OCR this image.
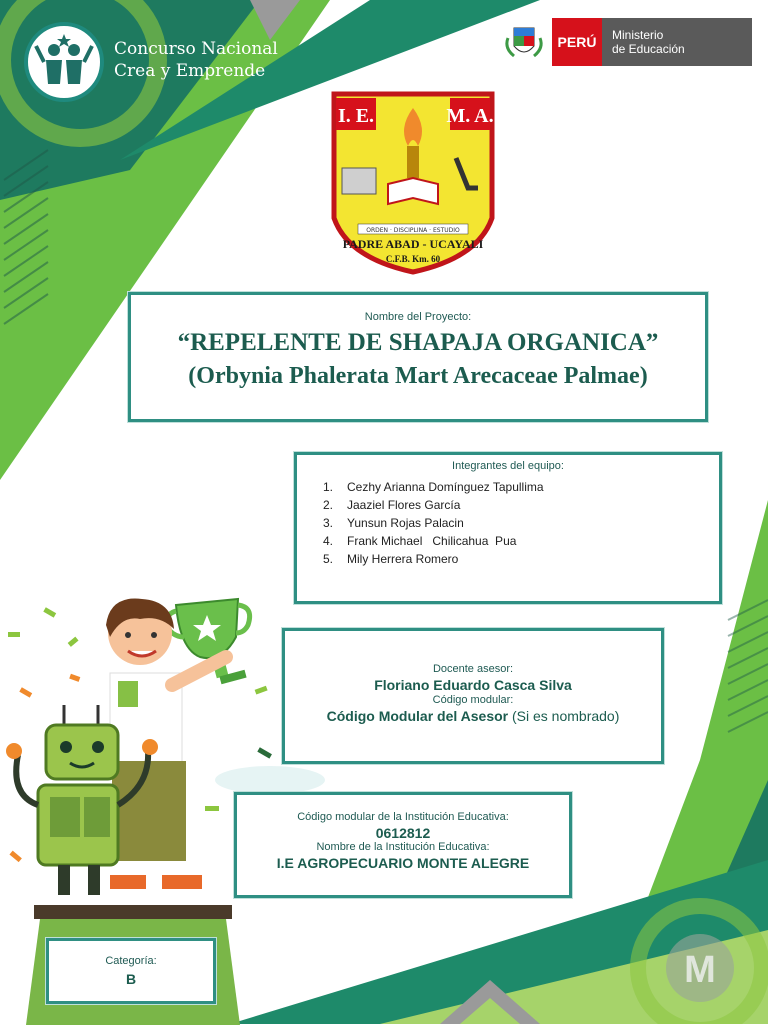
M
Concurso Nacional
Crea y Emprende
PERÚ	Ministerio
de Educación
I. E.	M. A.
ORDEN · DISCIPLINA · ESTUDIO
PADRE ABAD - UCAYALI
C.F.B. Km. 60
Nombre del Proyecto:
“REPELENTE DE SHAPAJA ORGANICA”
(Orbynia Phalerata Mart Arecaceae Palmae)
Integrantes del equipo:
1. Cezhy Arianna Domínguez Tapullima
2. Jaaziel Flores García
3. Yunsun Rojas Palacin
4. Frank Michael   Chilicahua  Pua
5. Mily Herrera Romero
Docente asesor:
Floriano Eduardo Casca Silva
Código modular:
Código Modular del Asesor (Si es nombrado)
Código modular de la Institución Educativa:
0612812
Nombre de la Institución Educativa:
I.E AGROPECUARIO MONTE ALEGRE
Categoría:
B
